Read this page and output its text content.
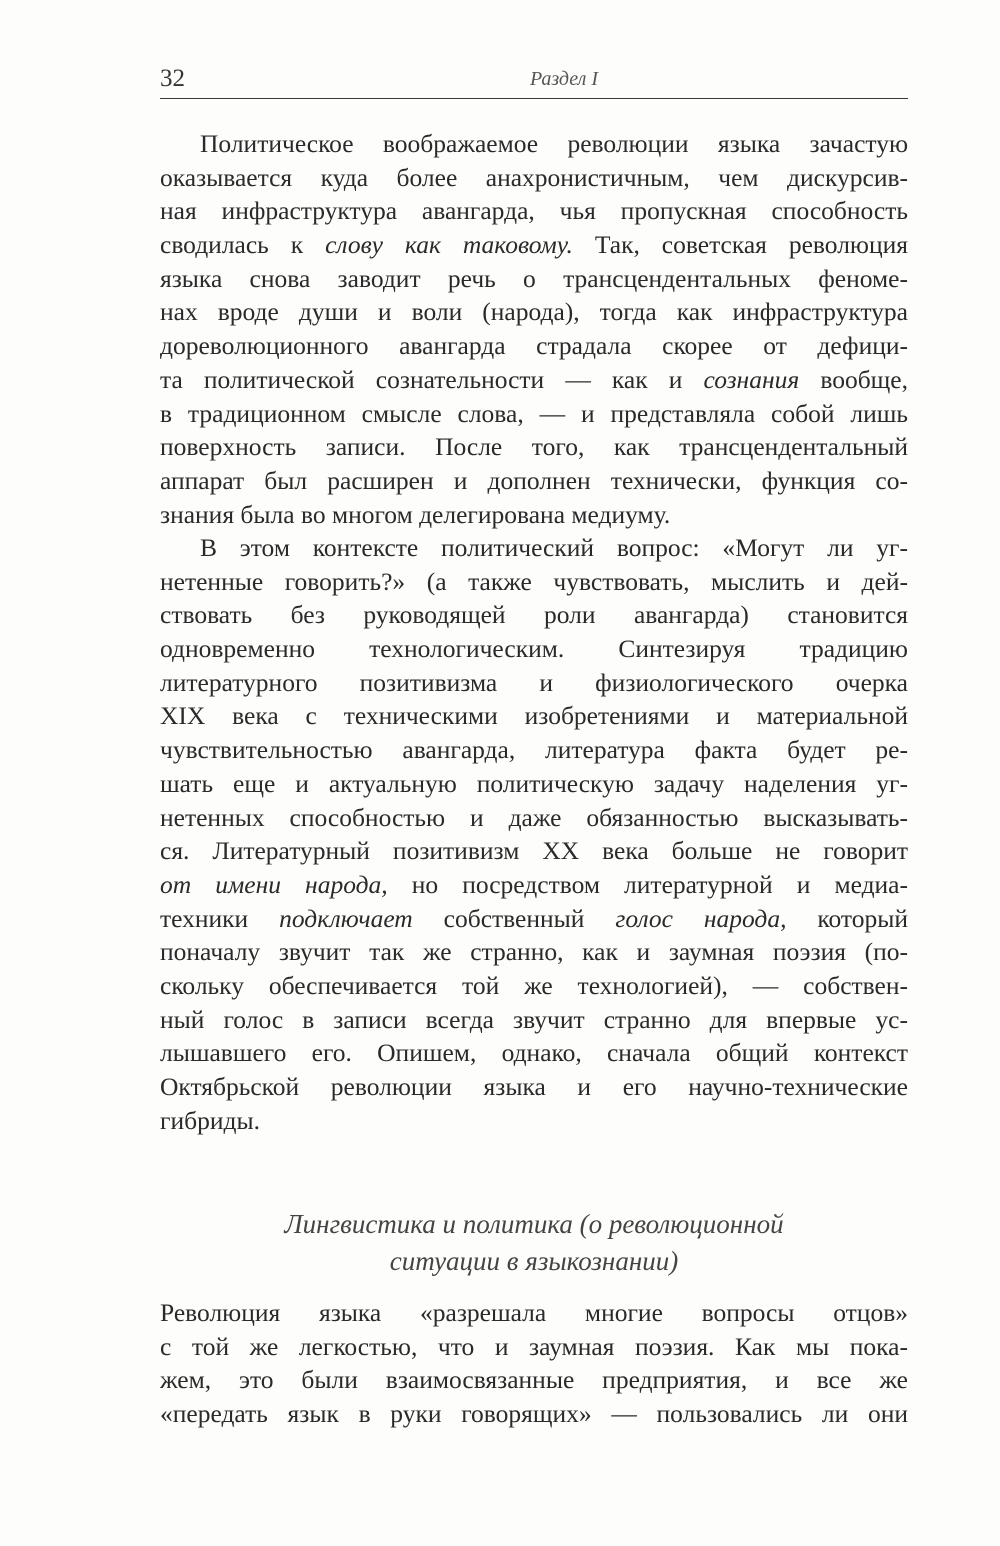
32	Раздел I
Политическое воображаемое революции языка зачастую
оказывается куда более анахронистичным, чем дискурсив-
ная инфраструктура авангарда, чья пропускная способность
сводилась к слову как таковому. Так, советская революция
языка снова заводит речь о трансцендентальных феноме-
нах вроде души и воли (народа), тогда как инфраструктура
дореволюционного авангарда страдала скорее от дефици-
та политической сознательности — как и сознания вообще,
в традиционном смысле слова, — и представляла собой лишь
поверхность записи. После того, как трансцендентальный
аппарат был расширен и дополнен технически, функция со-
знания была во многом делегирована медиуму.
В этом контексте политический вопрос: «Могут ли уг-
нетенные говорить?» (а также чувствовать, мыслить и дей-
ствовать без руководящей роли авангарда) становится
одновременно технологическим. Синтезируя традицию
литературного позитивизма и физиологического очерка
XIX века с техническими изобретениями и материальной
чувствительностью авангарда, литература факта будет ре-
шать еще и актуальную политическую задачу наделения уг-
нетенных способностью и даже обязанностью высказывать-
ся. Литературный позитивизм XX века больше не говорит
от имени народа, но посредством литературной и медиа-
техники подключает собственный голос народа, который
поначалу звучит так же странно, как и заумная поэзия (по-
скольку обеспечивается той же технологией), — собствен-
ный голос в записи всегда звучит странно для впервые ус-
лышавшего его. Опишем, однако, сначала общий контекст
Октябрьской революции языка и его научно-технические
гибриды.
Лингвистика и политика (о революционной
ситуации в языкознании)
Революция языка «разрешала многие вопросы отцов»
с той же легкостью, что и заумная поэзия. Как мы пока-
жем, это были взаимосвязанные предприятия, и все же
«передать язык в руки говорящих» — пользовались ли они
